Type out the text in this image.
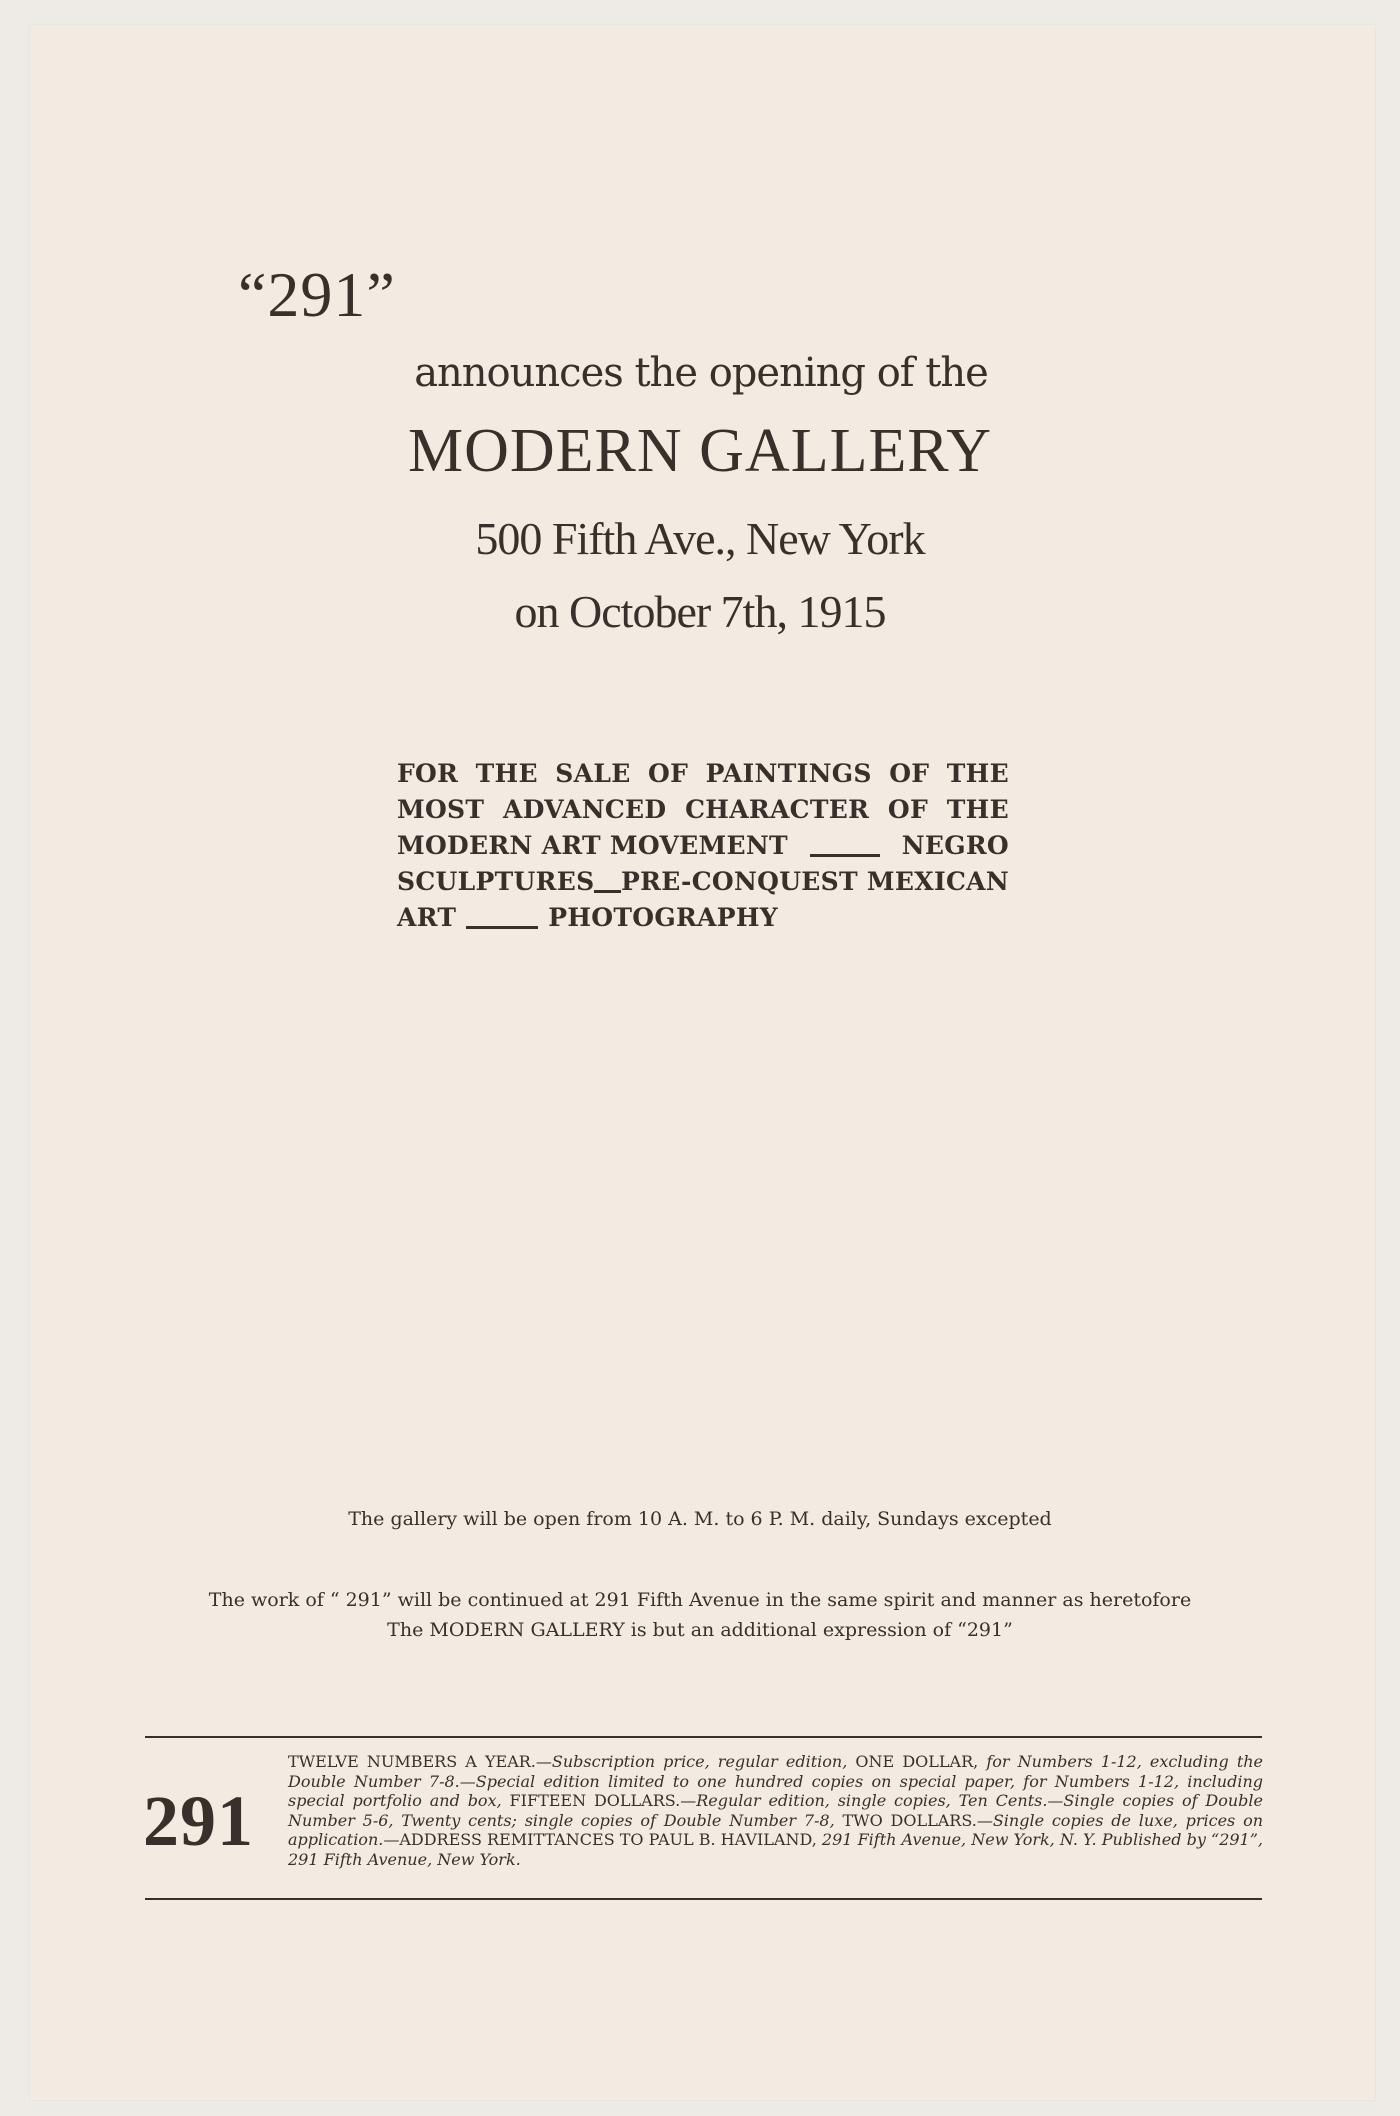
“291”
announces the opening of the
MODERN GALLERY
500 Fifth Ave., New York
on October 7th, 1915
FOR THE SALE OF PAINTINGS OF THE
MOST ADVANCED CHARACTER OF THE
MODERN ART MOVEMENT	NEGRO
SCULPTURES PRE-CONQUEST MEXICAN
ART	PHOTOGRAPHY
The gallery will be open from 10 A. M. to 6 P. M. daily, Sundays excepted
The work of “ 291” will be continued at 291 Fifth Avenue in the same spirit and manner as heretofore
The MODERN GALLERY is but an additional expression of “291”
291
TWELVE NUMBERS A YEAR.—Subscription price, regular edition, ONE DOLLAR, for Numbers 1-12, excluding the Double Number 7-8.—Special edition limited to one hundred copies on special paper, for Numbers 1-12, including special portfolio and box, FIFTEEN DOLLARS.—Regular edition, single copies, Ten Cents.—Single copies of Double Number 5-6, Twenty cents; single copies of Double Number 7-8, TWO DOLLARS.—Single copies de luxe, prices on application.—ADDRESS REMITTANCES TO PAUL B. HAVILAND, 291 Fifth Avenue, New York, N. Y. Published by “291”, 291 Fifth Avenue, New York.
